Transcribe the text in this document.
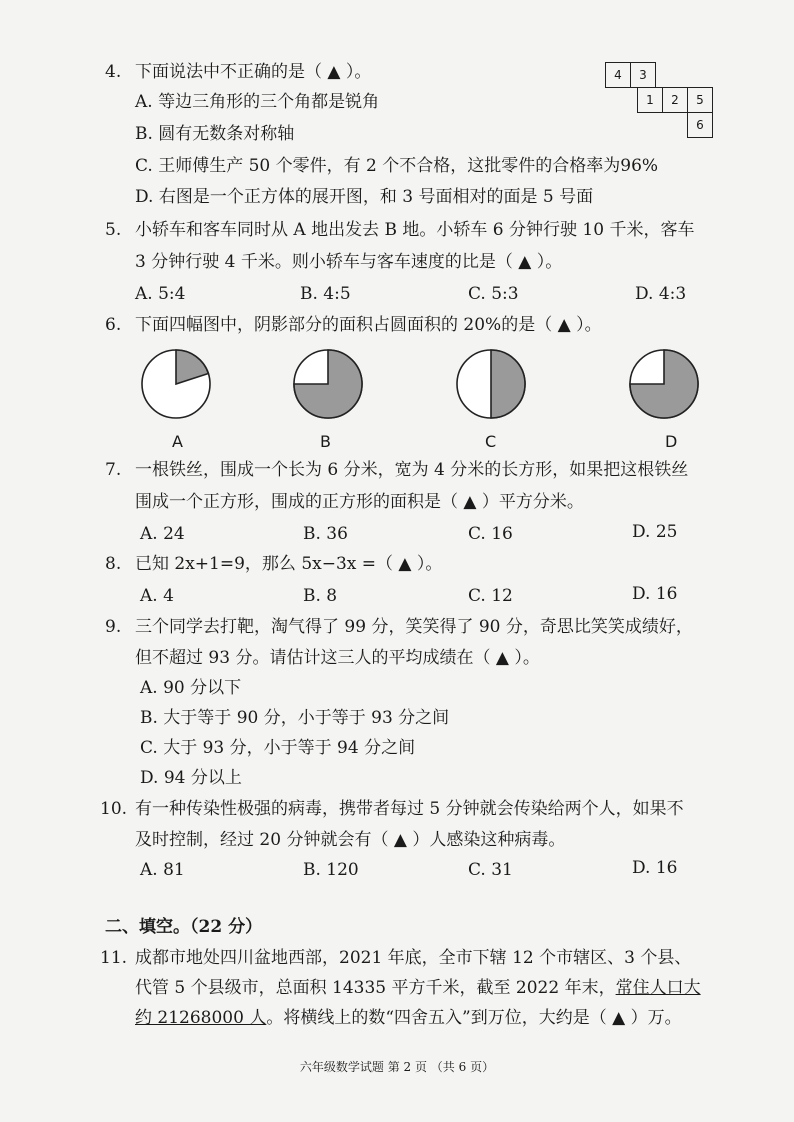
4. 下面说法中不正确的是（ ▲ ）。
A. 等边三角形的三个角都是锐角
B. 圆有无数条对称轴
C. 王师傅生产 50 个零件，有 2 个不合格，这批零件的合格率为96%
D. 右图是一个正方体的展开图，和 3 号面相对的面是 5 号面
4	3
1	2	5
6
5. 小轿车和客车同时从 A 地出发去 B 地。小轿车 6 分钟行驶 10 千米，客车
3 分钟行驶 4 千米。则小轿车与客车速度的比是（ ▲ ）。
A. 5:4	B. 4:5	C. 5:3	D. 4:3
6. 下面四幅图中，阴影部分的面积占圆面积的 20%的是（ ▲ ）。
A	B	C	D
7. 一根铁丝，围成一个长为 6 分米，宽为 4 分米的长方形，如果把这根铁丝
围成一个正方形，围成的正方形的面积是（ ▲ ）平方分米。
A. 24	B. 36	C. 16	D. 25
8. 已知 2x+1=9，那么 5x−3x =（ ▲ ）。
A. 4	B. 8	C. 12	D. 16
9. 三个同学去打靶，淘气得了 99 分，笑笑得了 90 分，奇思比笑笑成绩好，
但不超过 93 分。请估计这三人的平均成绩在（ ▲ ）。
A. 90 分以下
B. 大于等于 90 分，小于等于 93 分之间
C. 大于 93 分，小于等于 94 分之间
D. 94 分以上
10. 有一种传染性极强的病毒，携带者每过 5 分钟就会传染给两个人，如果不
及时控制，经过 20 分钟就会有（ ▲ ）人感染这种病毒。
A. 81	B. 120	C. 31	D. 16
二、填空。（22 分）
11. 成都市地处四川盆地西部，2021 年底，全市下辖 12 个市辖区、3 个县、
代管 5 个县级市，总面积 14335 平方千米，截至 2022 年末，常住人口大
约 21268000 人。将横线上的数“四舍五入”到万位，大约是（ ▲ ）万。
六年级数学试题 第 2 页 （共 6 页）
